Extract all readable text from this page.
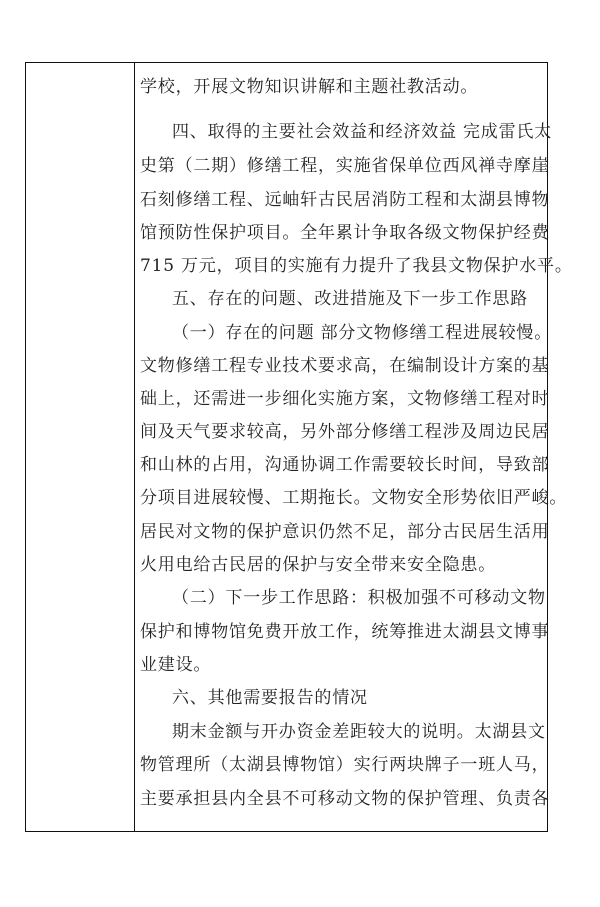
学校，开展文物知识讲解和主题社教活动。
四、取得的主要社会效益和经济效益 完成雷氏太
史第（二期）修缮工程，实施省保单位西风禅寺摩崖
石刻修缮工程、远岫轩古民居消防工程和太湖县博物
馆预防性保护项目。全年累计争取各级文物保护经费
715 万元，项目的实施有力提升了我县文物保护水平。
五、存在的问题、改进措施及下一步工作思路
（一）存在的问题 部分文物修缮工程进展较慢。
文物修缮工程专业技术要求高，在编制设计方案的基
础上，还需进一步细化实施方案，文物修缮工程对时
间及天气要求较高，另外部分修缮工程涉及周边民居
和山林的占用，沟通协调工作需要较长时间，导致部
分项目进展较慢、工期拖长。文物安全形势依旧严峻。
居民对文物的保护意识仍然不足，部分古民居生活用
火用电给古民居的保护与安全带来安全隐患。
（二）下一步工作思路：积极加强不可移动文物
保护和博物馆免费开放工作，统筹推进太湖县文博事
业建设。
六、其他需要报告的情况
期末金额与开办资金差距较大的说明。太湖县文
物管理所（太湖县博物馆）实行两块牌子一班人马，
主要承担县内全县不可移动文物的保护管理、负责各
